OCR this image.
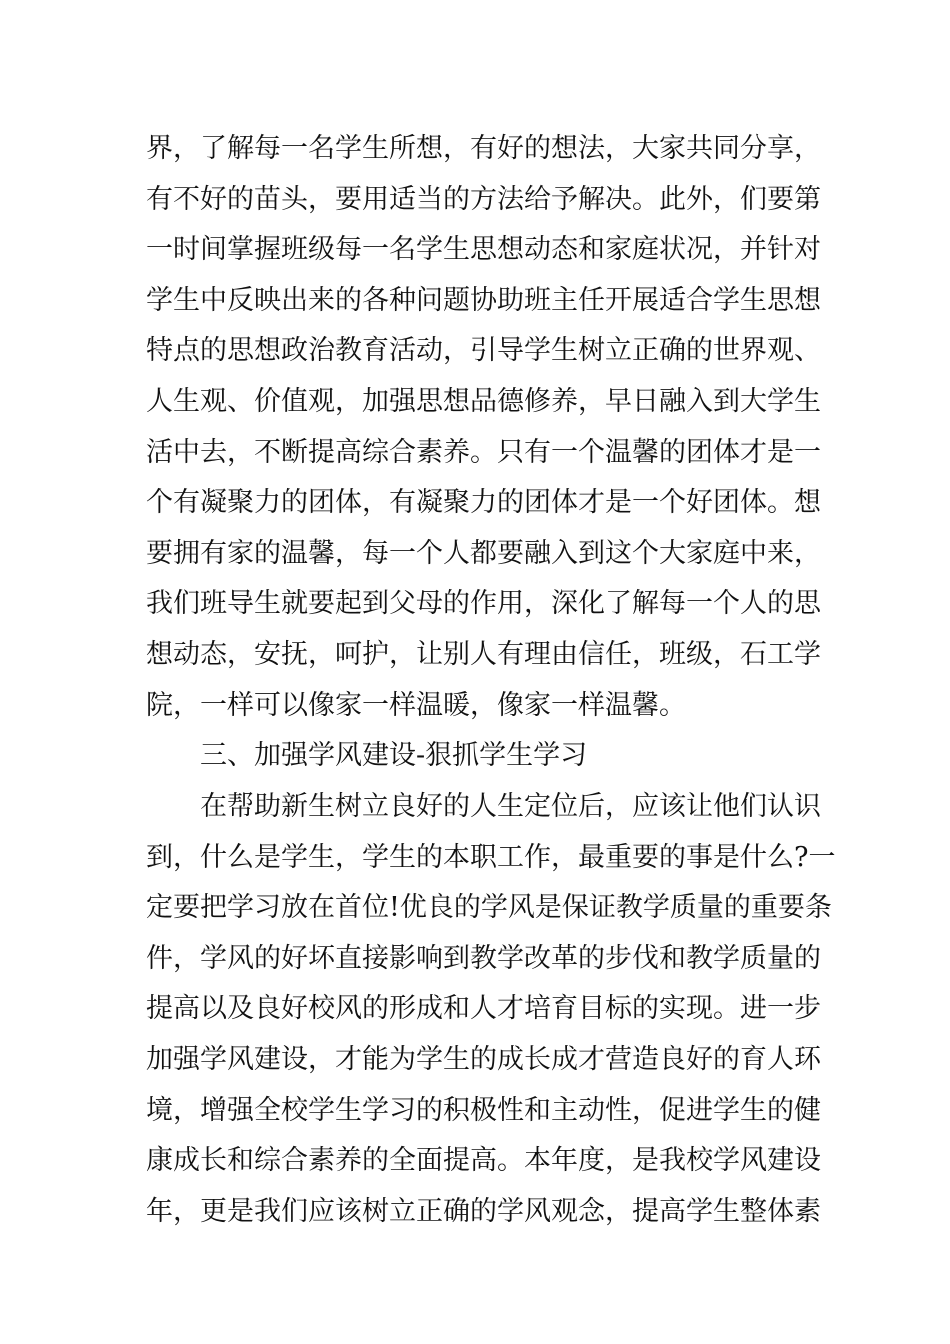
界，了解每一名学生所想，有好的想法，大家共同分享，
有不好的苗头，要用适当的方法给予解决。此外，们要第
一时间掌握班级每一名学生思想动态和家庭状况，并针对
学生中反映出来的各种问题协助班主任开展适合学生思想
特点的思想政治教育活动，引导学生树立正确的世界观、
人生观、价值观，加强思想品德修养，早日融入到大学生
活中去，不断提高综合素养。只有一个温馨的团体才是一
个有凝聚力的团体，有凝聚力的团体才是一个好团体。想
要拥有家的温馨，每一个人都要融入到这个大家庭中来，
我们班导生就要起到父母的作用，深化了解每一个人的思
想动态，安抚，呵护，让别人有理由信任，班级，石工学
院，一样可以像家一样温暖，像家一样温馨。
三、加强学风建设-狠抓学生学习
在帮助新生树立良好的人生定位后，应该让他们认识
到，什么是学生，学生的本职工作，最重要的事是什么?一
定要把学习放在首位!优良的学风是保证教学质量的重要条
件，学风的好坏直接影响到教学改革的步伐和教学质量的
提高以及良好校风的形成和人才培育目标的实现。进一步
加强学风建设，才能为学生的成长成才营造良好的育人环
境，增强全校学生学习的积极性和主动性，促进学生的健
康成长和综合素养的全面提高。本年度，是我校学风建设
年，更是我们应该树立正确的学风观念，提高学生整体素
